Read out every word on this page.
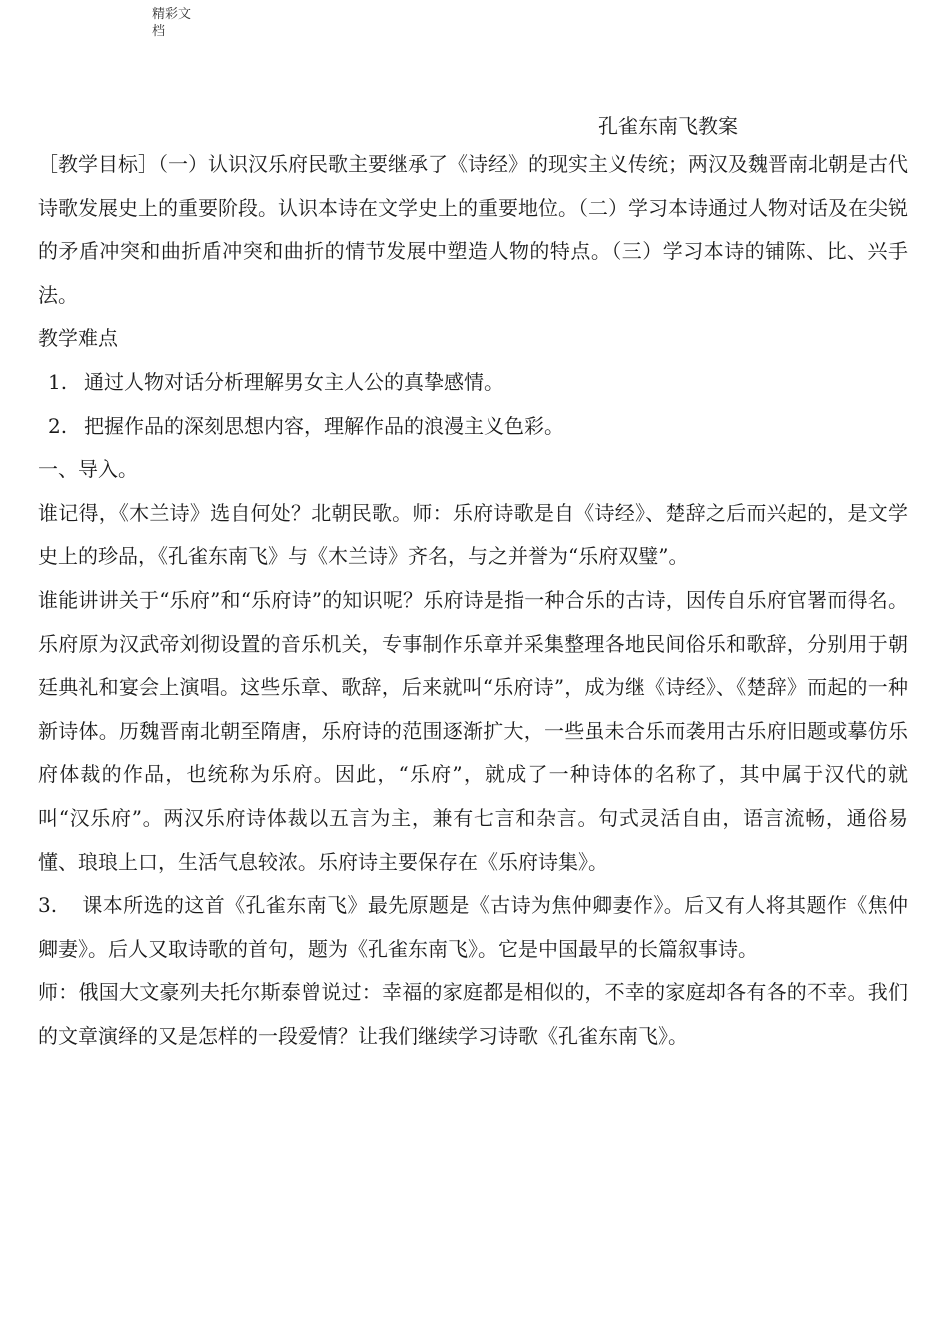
精彩文档
孔雀东南飞教案

［教学目标］（一）认识汉乐府民歌主要继承了《诗经》的现实主义传统；两汉及魏晋南北朝是古代诗歌发展史上的重要阶段。认识本诗在文学史上的重要地位。（二）学习本诗通过人物对话及在尖锐的矛盾冲突和曲折盾冲突和曲折的情节发展中塑造人物的特点。（三）学习本诗的铺陈、比、兴手法。

教学难点

1. 通过人物对话分析理解男女主人公的真挚感情。

2. 把握作品的深刻思想内容，理解作品的浪漫主义色彩。

一、导入。

谁记得，《木兰诗》选自何处？北朝民歌。师：乐府诗歌是自《诗经》、楚辞之后而兴起的，是文学史上的珍品，《孔雀东南飞》与《木兰诗》齐名，与之并誉为“乐府双璧”。

谁能讲讲关于“乐府”和“乐府诗”的知识呢？乐府诗是指一种合乐的古诗，因传自乐府官署而得名。乐府原为汉武帝刘彻设置的音乐机关，专事制作乐章并采集整理各地民间俗乐和歌辞，分别用于朝廷典礼和宴会上演唱。这些乐章、歌辞，后来就叫“乐府诗”，成为继《诗经》、《楚辞》而起的一种新诗体。历魏晋南北朝至隋唐，乐府诗的范围逐渐扩大，一些虽未合乐而袭用古乐府旧题或摹仿乐府体裁的作品，也统称为乐府。因此，“乐府”，就成了一种诗体的名称了，其中属于汉代的就叫“汉乐府”。两汉乐府诗体裁以五言为主，兼有七言和杂言。句式灵活自由，语言流畅，通俗易懂、琅琅上口，生活气息较浓。乐府诗主要保存在《乐府诗集》。

3. 课本所选的这首《孔雀东南飞》最先原题是《古诗为焦仲卿妻作》。后又有人将其题作《焦仲卿妻》。后人又取诗歌的首句，题为《孔雀东南飞》。它是中国最早的长篇叙事诗。

师：俄国大文豪列夫托尔斯泰曾说过：幸福的家庭都是相似的，不幸的家庭却各有各的不幸。我们的文章演绎的又是怎样的一段爱情？让我们继续学习诗歌《孔雀东南飞》。
